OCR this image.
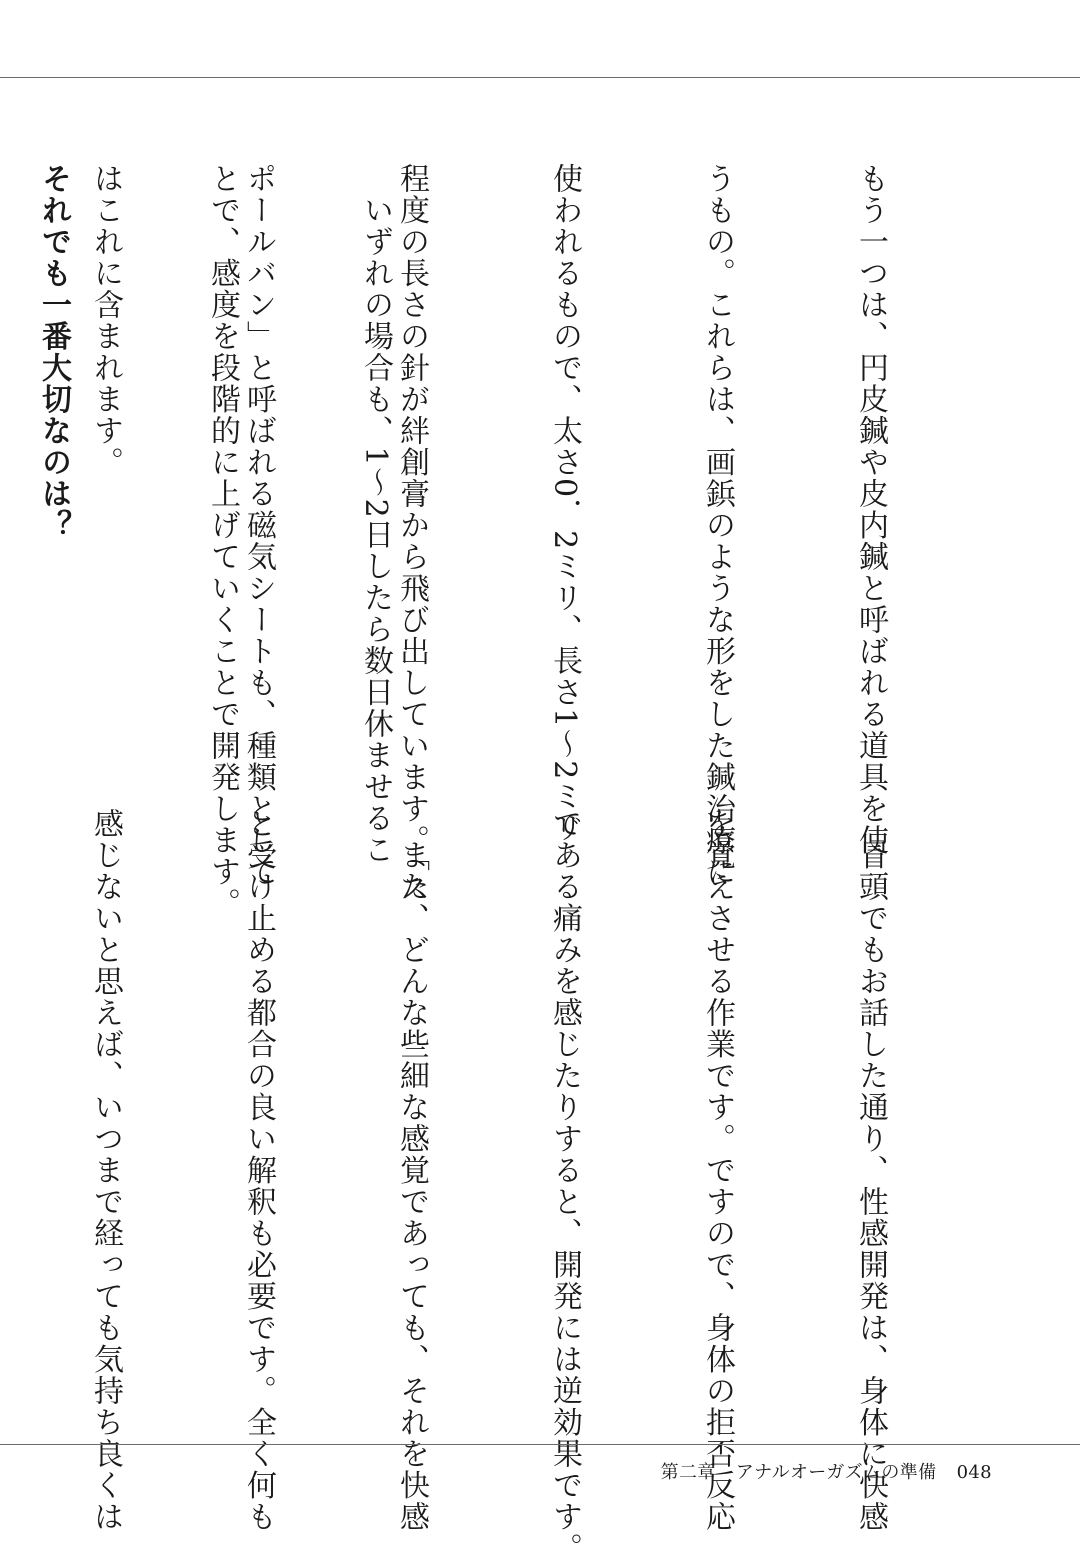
もう一つは、円皮鍼や皮内鍼と呼ばれる道具を使

うもの。これらは、画鋲のような形をした鍼治療に

使われるもので、太さ0．2ミリ、長さ1〜2ミリ

程度の長さの針が絆創膏から飛び出しています。「ス

ポールバン」と呼ばれる磁気シートも、種類として

はこれに含まれます。

	　いずれの場合も、1〜2日したら数日休ませるこ

とで、感度を段階的に上げていくことで開発します。

それでも一番大切なのは？

　冒頭でもお話した通り、性感開発は、身体に快感

を覚えさせる作業です。ですので、身体の拒否反応

である痛みを感じたりすると、開発には逆効果です。

　また、どんな些細な感覚であっても、それを快感

と受け止める都合の良い解釈も必要です。全く何も

感じないと思えば、いつまで経っても気持ち良くは

	第二章 アナルオーガズムの準備 048
